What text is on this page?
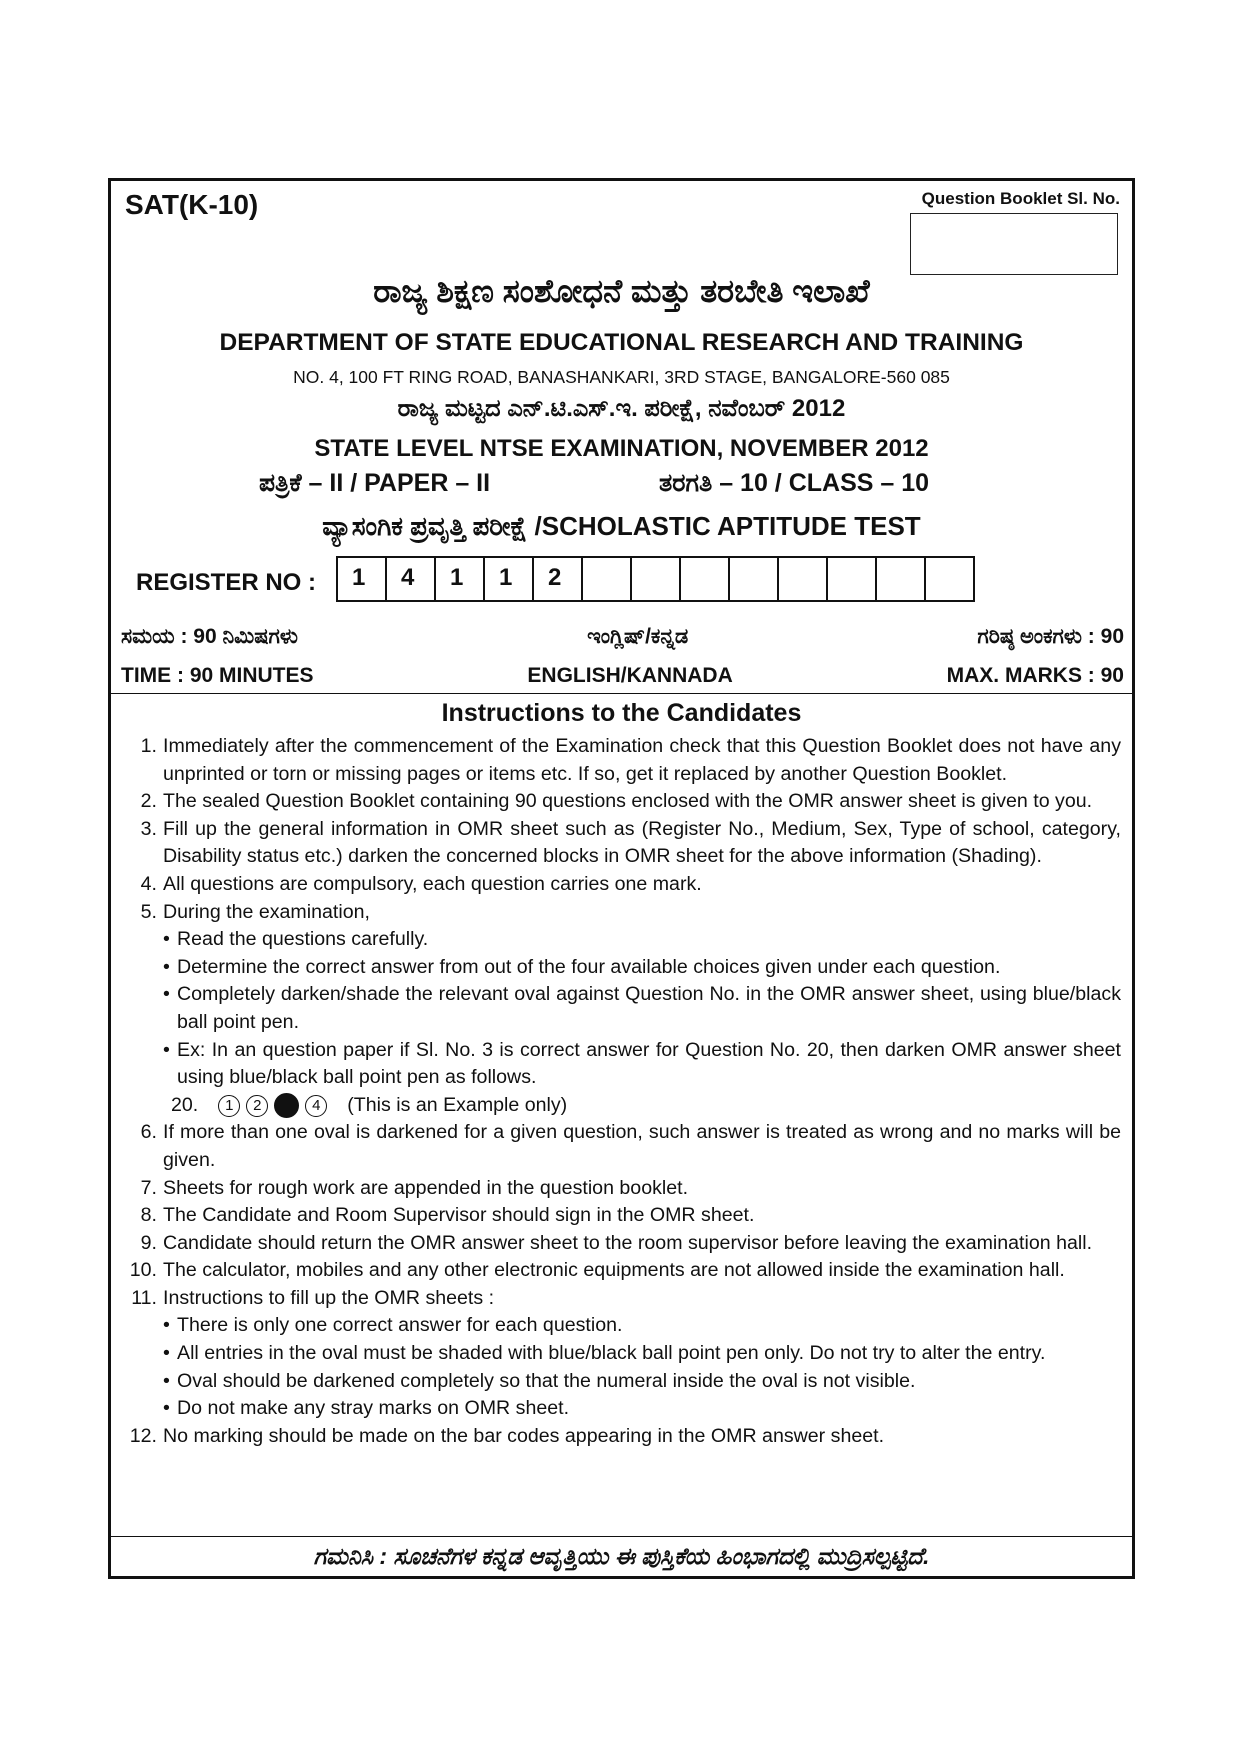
SAT(K-10)	Question Booklet Sl. No.
ರಾಜ್ಯ ಶಿಕ್ಷಣ ಸಂಶೋಧನೆ ಮತ್ತು ತರಬೇತಿ ಇಲಾಖೆ
DEPARTMENT OF STATE EDUCATIONAL RESEARCH AND TRAINING
NO. 4, 100 FT RING ROAD, BANASHANKARI, 3RD STAGE, BANGALORE-560 085
ರಾಜ್ಯ ಮಟ್ಟದ ಎನ್.ಟಿ.ಎಸ್.ಇ. ಪರೀಕ್ಷೆ, ನವೆಂಬರ್ 2012
STATE LEVEL NTSE EXAMINATION, NOVEMBER 2012
ಪತ್ರಿಕೆ – II / PAPER – II	ತರಗತಿ – 10 / CLASS – 10
ವ್ಯಾಸಂಗಿಕ ಪ್ರವೃತ್ತಿ ಪರೀಕ್ಷೆ /SCHOLASTIC APTITUDE TEST
REGISTER NO :	1	4	1	1	2
ಸಮಯ : 90 ನಿಮಿಷಗಳು	ಇಂಗ್ಲಿಷ್/ಕನ್ನಡ	ಗರಿಷ್ಠ ಅಂಕಗಳು : 90
TIME : 90 MINUTES	ENGLISH/KANNADA	MAX. MARKS : 90
Instructions to the Candidates
1. Immediately after the commencement of the Examination check that this Question Booklet does not have any unprinted or torn or missing pages or items etc. If so, get it replaced by another Question Booklet.
2. The sealed Question Booklet containing 90 questions enclosed with the OMR answer sheet is given to you.
3. Fill up the general information in OMR sheet such as (Register No., Medium, Sex, Type of school, category, Disability status etc.) darken the concerned blocks in OMR sheet for the above information (Shading).
4. All questions are compulsory, each question carries one mark.
5. During the examination,
• Read the questions carefully.
• Determine the correct answer from out of the four available choices given under each question.
• Completely darken/shade the relevant oval against Question No. in the OMR answer sheet, using blue/black ball point pen.
• Ex: In an question paper if Sl. No. 3 is correct answer for Question No. 20, then darken OMR answer sheet using blue/black ball point pen as follows.
20.	1	2	4	(This is an Example only)
6. If more than one oval is darkened for a given question, such answer is treated as wrong and no marks will be given.
7. Sheets for rough work are appended in the question booklet.
8. The Candidate and Room Supervisor should sign in the OMR sheet.
9. Candidate should return the OMR answer sheet to the room supervisor before leaving the examination hall.
10. The calculator, mobiles and any other electronic equipments are not allowed inside the examination hall.
11. Instructions to fill up the OMR sheets :
• There is only one correct answer for each question.
• All entries in the oval must be shaded with blue/black ball point pen only. Do not try to alter the entry.
• Oval should be darkened completely so that the numeral inside the oval is not visible.
• Do not make any stray marks on OMR sheet.
12. No marking should be made on the bar codes appearing in the OMR answer sheet.
ಗಮನಿಸಿ : ಸೂಚನೆಗಳ ಕನ್ನಡ ಆವೃತ್ತಿಯು ಈ ಪುಸ್ತಿಕೆಯ ಹಿಂಭಾಗದಲ್ಲಿ ಮುದ್ರಿಸಲ್ಪಟ್ಟಿದೆ.
